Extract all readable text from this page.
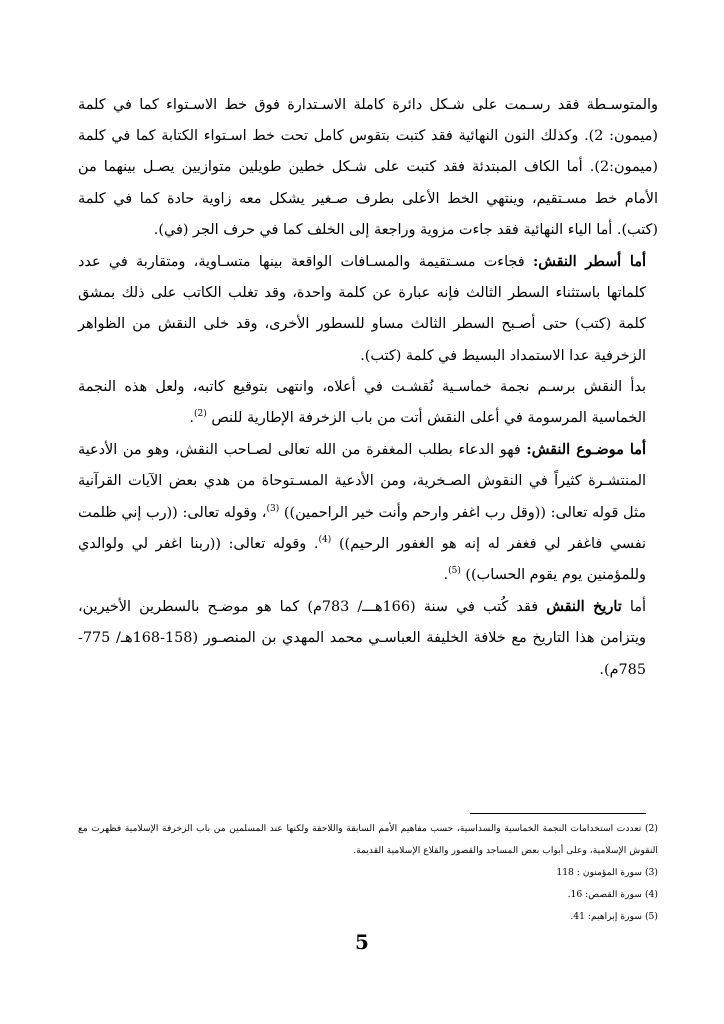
والمتوسـطة فقد رسـمت على شـكل دائرة كاملة الاسـتدارة فوق خط الاسـتواء كما في كلمة (ميمون: 2). وكذلك النون النهائية فقد كتبت بتقوس كامل تحت خط اسـتواء الكتابة كما في كلمة (ميمون:2). أما الكاف المبتدئة فقد كتبت على شـكل خطين طويلين متوازيين يصـل بينهما من الأمام خط مسـتقيم، وينتهي الخط الأعلى بطرف صـغير يشكل معه زاوية حادة كما في كلمة (كتب). أما الياء النهائية فقد جاءت مزوية وراجعة إلى الخلف كما في حرف الجر (في).

أما أسطر النقش: فجاءت مسـتقيمة والمسـافات الواقعة بينها متسـاوية، ومتقاربة في عدد كلماتها باستثناء السطر الثالث فإنه عبارة عن كلمة واحدة، وقد تغلب الكاتب على ذلك بمشق كلمة (كتب) حتى أصـبح السطر الثالث مساو للسطور الأخرى، وقد خلى النقش من الظواهر الزخرفية عدا الاستمداد البسيط في كلمة (كتب).

بدأ النقش برسـم نجمة خماسـية نُقشـت في أعلاه، وانتهى بتوقيع كاتبه، ولعل هذه النجمة الخماسية المرسومة في أعلى النقش أتت من باب الزخرفة الإطارية للنص $^{(2)}$.

أما موضـوع النقش: فهو الدعاء بطلب المغفرة من الله تعالى لصـاحب النقش، وهو من الأدعية المنتشـرة كثيراً في النقوش الصـخرية، ومن الأدعية المسـتوحاة من هدي بعض الآيات القرآنية مثل قوله تعالى: ((وقل رب اغفر وارحم وأنت خير الراحمين)) $^{(3)}$، وقوله تعالى: ((رب إني ظلمت نفسي فاغفر لي فغفر له إنه هو الغفور الرحيم)) $^{(4)}$. وقوله تعالى: ((ربنا اغفر لي ولوالدي وللمؤمنين يوم يقوم الحساب)) $^{(5)}$.

أما تاريخ النقش فقد كُتب في سنة (166هـــ/ 783م) كما هو موضـح بالسطرين الأخيرين، ويتزامن هذا التاريخ مع خلافة الخليفة العباسـي محمد المهدي بن المنصـور (158-168هـ/ 775- 785م).

(2) تعددت استخدامات النجمة الخماسية والسداسية، حسب مفاهيم الأمم السابقة واللاحقة ولكنها عند المسلمين من باب الزخرفة الإسلامية فظهرت مع النقوش الإسلامية، وعلى أبواب بعض المساجد والقصور والقلاع الإسلامية القديمة.

(3) سورة المؤمنون : 118

(4) سورة القصص: 16.

(5) سورة إبراهيم: 41.

5
